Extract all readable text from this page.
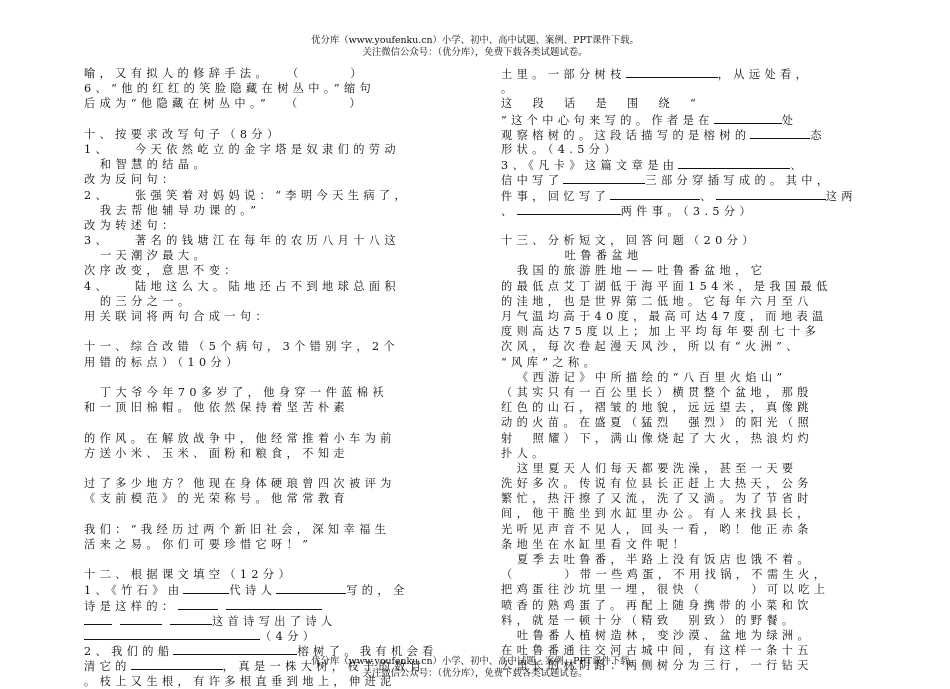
优分库（www.youfenku.cn）小学、初中、高中试题、案例、PPT课件下载。
关注微信公众号：（优分库），免费下载各类试题试卷。
喻，又有拟人的修辞手法。  （      ）
6、“他的红红的笑脸隐藏在树丛中。”缩句
后成为“他隐藏在树丛中。”  （      ）
十、按要求改写句子（8分）
1、   今天依然屹立的金字塔是奴隶们的劳动
和智慧的结晶。
改为反问句：
2、   张强笑着对妈妈说：“李明今天生病了，
我去帮他辅导功课的。”
改为转述句：
3、   著名的钱塘江在每年的农历八月十八这
一天潮汐最大。
次序改变，意思不变：
4、   陆地这么大。陆地还占不到地球总面积
的三分之一。
用关联词将两句合成一句：
十一、综合改错（5个病句，3个错别字，2个
用错的标点）（10分）
丁大爷今年70多岁了，他身穿一件蓝棉袄
和一顶旧棉帽。他依然保持着坚苦朴素
的作风。在解放战争中，他经常推着小车为前
方送小米、玉米、面粉和粮食，不知走
过了多少地方？他现在身体硬琅曾四次被评为
《支前模范》的光荣称号。他常常教育
我们：“我经历过两个新旧社会，深知幸福生
活来之易。你们可要珍惜它呀！”
十二、根据课文填空（12分）
1、《竹石》由	代诗人	写的，全
诗是这样的：
这首诗写出了诗人
（4分）
2、我们的船	榕树了。我有机会看
清它的	，真是一株大树，枝干的数目
。枝上又生根，有许多根直垂到地上，伸进泥
土里。一部分树枝	，从远处看，
。
这  段  话  是  围  绕  “
”这个中心句来写的。作者是在	处
观察榕树的。这段话描写的是榕树的	态
形状。（4.5分）
3、《凡卡》这篇文章是由	、
信中写了	三部分穿插写成的。其中，
件事，回忆写了	、	这两
、	两件事。（3.5分）
十三、分析短文，回答问题（20分）
吐鲁番盆地
我国的旅游胜地——吐鲁番盆地，它
的最低点艾丁湖低于海平面154米，是我国最低
的洼地，也是世界第二低地。它每年六月至八
月气温均高于40度，最高可达47度，而地表温
度则高达75度以上；加上平均每年要刮七十多
次风，每次卷起漫天风沙，所以有“火洲”、
“风库”之称。
《西游记》中所描绘的“八百里火焰山”
（其实只有一百公里长）横贯整个盆地，那殷
红色的山石，褶皱的地貌，远远望去，真像跳
动的火苗。在盛夏（猛烈  强烈）的阳光（照
射  照耀）下，满山像烧起了大火，热浪灼灼
扑人。
这里夏天人们每天都要洗澡，甚至一天要
洗好多次。传说有位县长正赶上大热天，公务
繁忙，热汗擦了又流，洗了又淌。为了节省时
间，他干脆坐到水缸里办公。有人来找县长，
光听见声音不见人，回头一看，哟！他正赤条
条地坐在水缸里看文件呢！
夏季去吐鲁番，半路上没有饭店也饿不着。
（      ）带一些鸡蛋，不用找锅，不需生火，
把鸡蛋往沙坑里一埋，很快（      ）可以吃上
喷香的熟鸡蛋了。再配上随身携带的小菜和饮
料，就是一顿十分（精致  别致）的野餐。
吐鲁番人植树造林，变沙漠、盆地为绿洲。
在吐鲁番通往交河古城中间，有这样一条十五
公里长的林阴路：两侧树分为三行，一行钻天
优分库（www.youfenku.cn）小学、初中、高中试题、案例、PPT课件下载。
关注微信公众号：（优分库），免费下载各类试题试卷。
